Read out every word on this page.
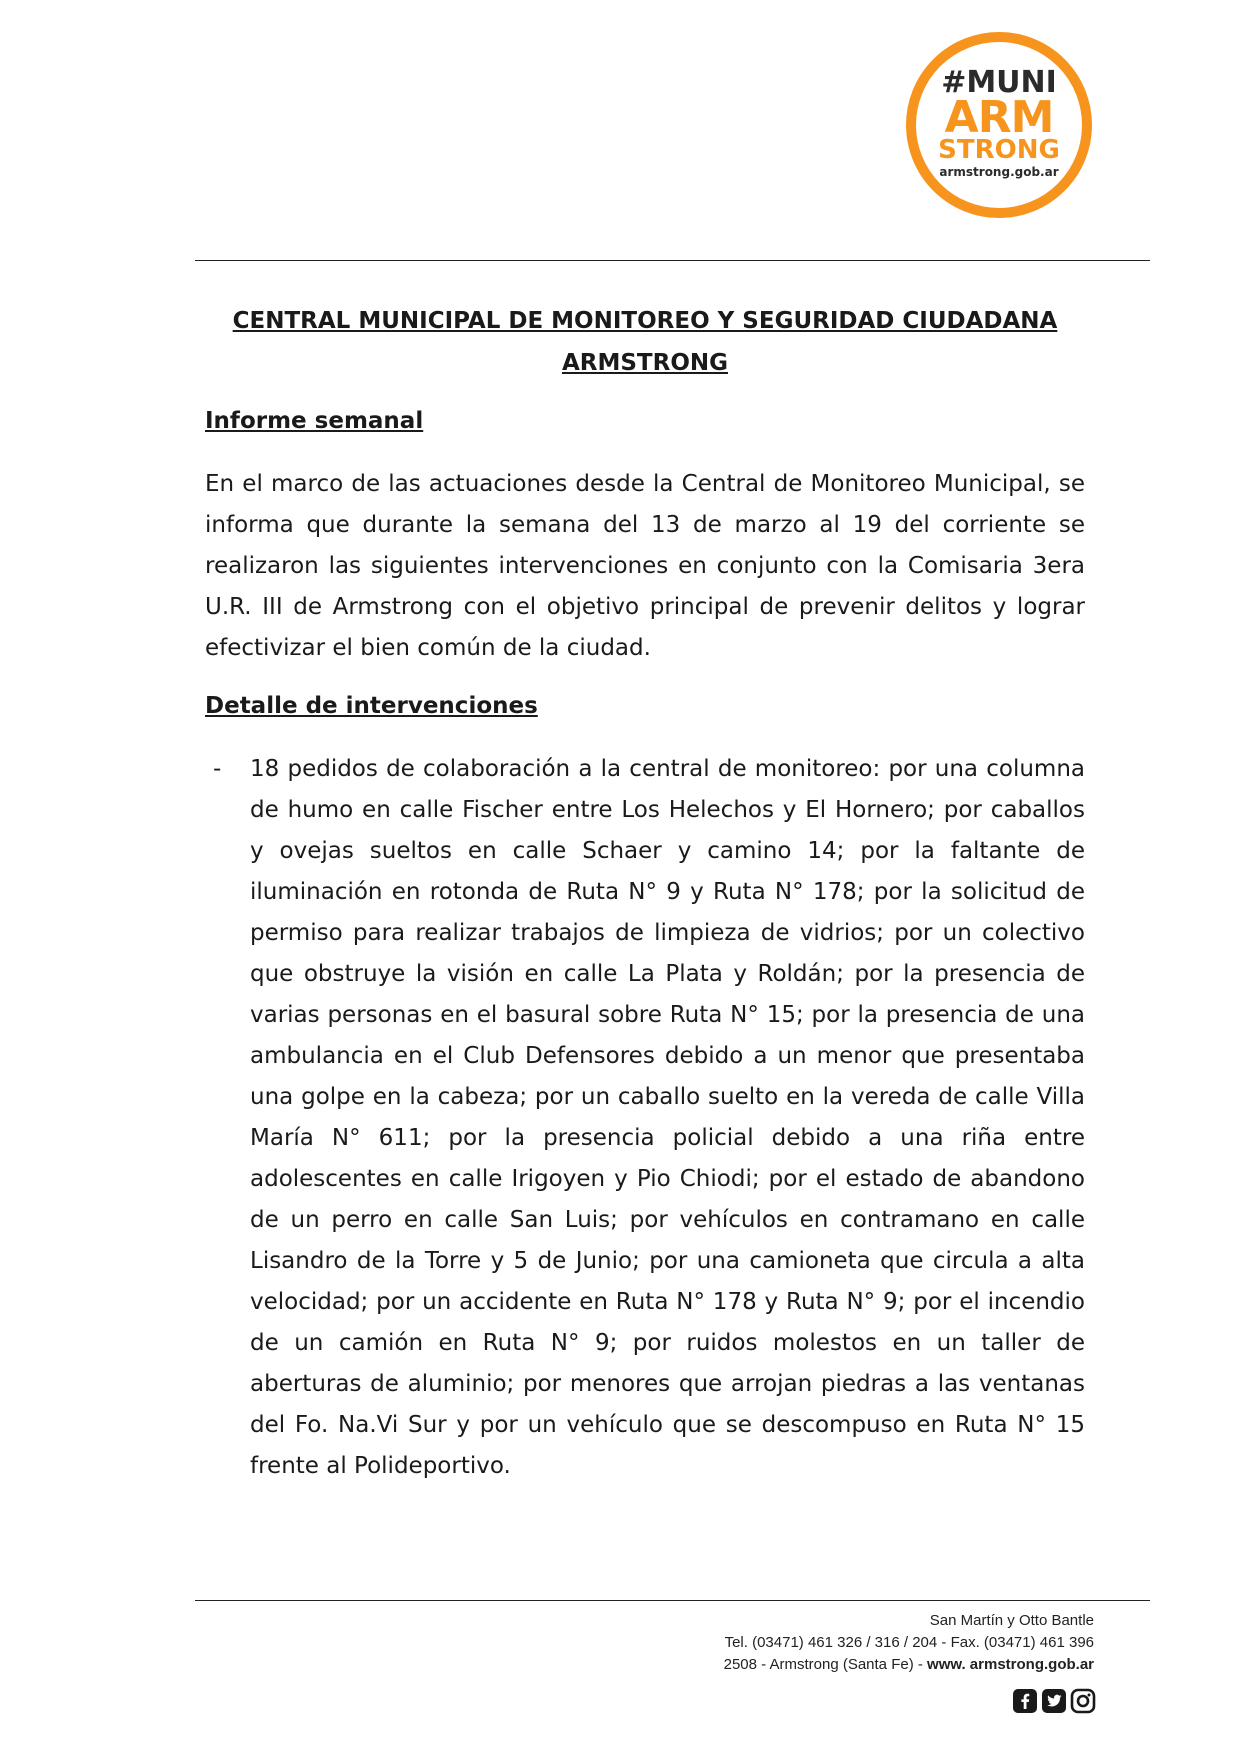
#MUNI
ARM
STRONG
armstrong.gob.ar
CENTRAL MUNICIPAL DE MONITOREO Y SEGURIDAD CIUDADANA
ARMSTRONG
Informe semanal
En el marco de las actuaciones desde la Central de Monitoreo Municipal, se informa que durante la semana del 13 de marzo al 19 del corriente se realizaron las siguientes intervenciones en conjunto con la Comisaria 3era U.R. III de Armstrong con el objetivo principal de prevenir delitos y lograr efectivizar el bien común de la ciudad.
Detalle de intervenciones
- 18 pedidos de colaboración a la central de monitoreo: por una columna de humo en calle Fischer entre Los Helechos y El Hornero; por caballos y ovejas sueltos en calle Schaer y camino 14; por la faltante de iluminación en rotonda de Ruta N° 9 y Ruta N° 178; por la solicitud de permiso para realizar trabajos de limpieza de vidrios; por un colectivo que obstruye la visión en calle La Plata y Roldán; por la presencia de varias personas en el basural sobre Ruta N° 15; por la presencia de una ambulancia en el Club Defensores debido a un menor que presentaba una golpe en la cabeza; por un caballo suelto en la vereda de calle Villa María N° 611; por la presencia policial debido a una riña entre adolescentes en calle Irigoyen y Pio Chiodi; por el estado de abandono de un perro en calle San Luis; por vehículos en contramano en calle Lisandro de la Torre y 5 de Junio; por una camioneta que circula a alta velocidad; por un accidente en Ruta N° 178 y Ruta N° 9; por el incendio de un camión en Ruta N° 9; por ruidos molestos en un taller de aberturas de aluminio; por menores que arrojan piedras a las ventanas del Fo. Na.Vi Sur y por un vehículo que se descompuso en Ruta N° 15 frente al Polideportivo.
San Martín y Otto Bantle
Tel. (03471) 461 326 / 316 / 204 - Fax. (03471) 461 396
2508 - Armstrong (Santa Fe) - www. armstrong.gob.ar
